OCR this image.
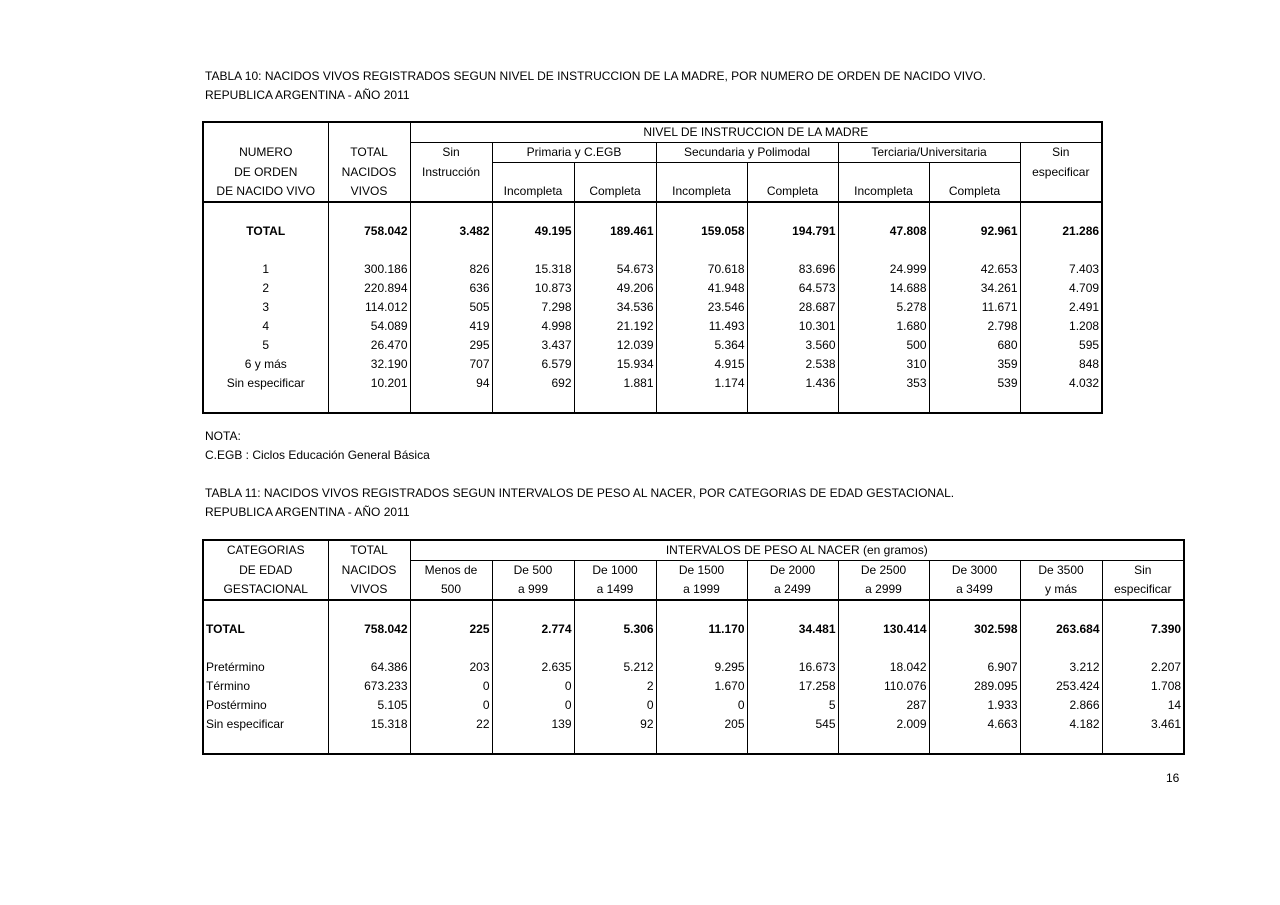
TABLA 10: NACIDOS VIVOS REGISTRADOS SEGUN NIVEL DE INSTRUCCION DE LA MADRE, POR NUMERO DE ORDEN DE NACIDO VIVO.
REPUBLICA ARGENTINA - AÑO 2011
		NIVEL DE INSTRUCCION DE LA MADRE							
NUMERO	TOTAL	Sin	Primaria y C.EGB		Secundaria y Polimodal		Terciaria/Universitaria		Sin
DE ORDEN	NACIDOS	Instrucción							especificar
DE NACIDO VIVO	VIVOS		Incompleta	Completa	Incompleta	Completa	Incompleta	Completa	

TOTAL	758.042	3.482	49.195	189.461	159.058	194.791	47.808	92.961	21.286

1	300.186	826	15.318	54.673	70.618	83.696	24.999	42.653	7.403
2	220.894	636	10.873	49.206	41.948	64.573	14.688	34.261	4.709
3	114.012	505	7.298	34.536	23.546	28.687	5.278	11.671	2.491
4	54.089	419	4.998	21.192	11.493	10.301	1.680	2.798	1.208
5	26.470	295	3.437	12.039	5.364	3.560	500	680	595
6 y más	32.190	707	6.579	15.934	4.915	2.538	310	359	848
Sin especificar	10.201	94	692	1.881	1.174	1.436	353	539	4.032

NOTA:
C.EGB : Ciclos Educación General Básica
TABLA 11: NACIDOS VIVOS REGISTRADOS SEGUN INTERVALOS DE PESO AL NACER, POR CATEGORIAS DE EDAD GESTACIONAL.
REPUBLICA ARGENTINA - AÑO 2011
CATEGORIAS	TOTAL	INTERVALOS DE PESO AL NACER (en gramos)								
DE EDAD	NACIDOS	Menos de	De 500	De 1000	De 1500	De 2000	De 2500	De 3000	De 3500	Sin
GESTACIONAL	VIVOS	500	a 999	a 1499	a 1999	a 2499	a 2999	a 3499	y más	especificar

TOTAL	758.042	225	2.774	5.306	11.170	34.481	130.414	302.598	263.684	7.390

Pretérmino	64.386	203	2.635	5.212	9.295	16.673	18.042	6.907	3.212	2.207
Término	673.233	0	0	2	1.670	17.258	110.076	289.095	253.424	1.708
Postérmino	5.105	0	0	0	0	5	287	1.933	2.866	14
Sin especificar	15.318	22	139	92	205	545	2.009	4.663	4.182	3.461

16
